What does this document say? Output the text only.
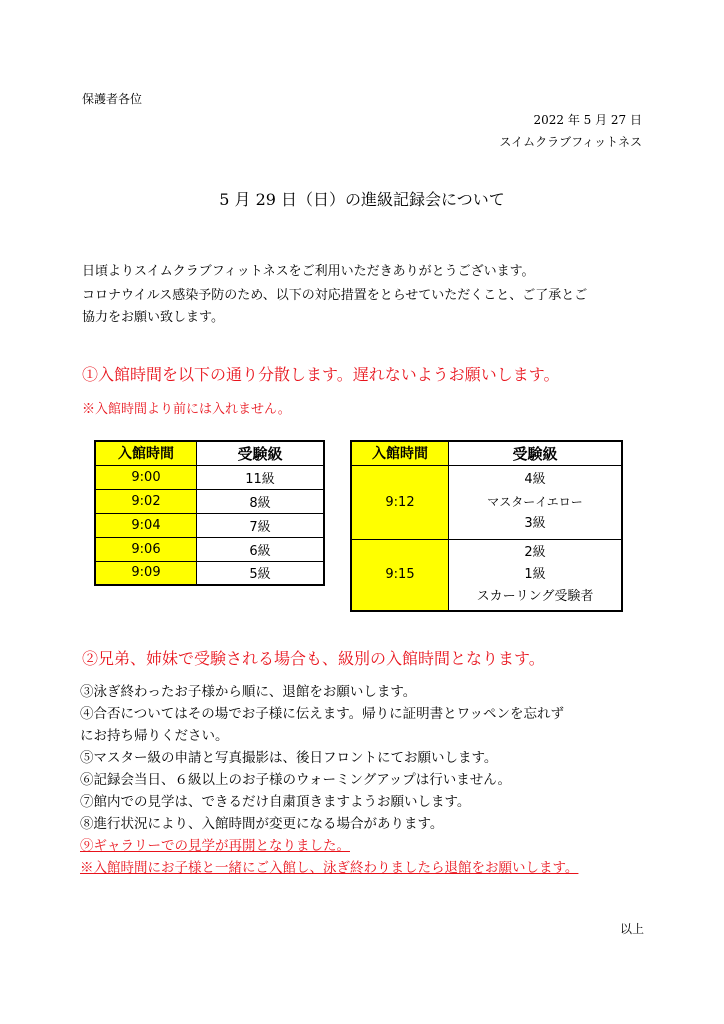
保護者各位
2022 年 5 月 27 日
スイムクラブフィットネス
5 月 29 日（日）の進級記録会について
日頃よりスイムクラブフィットネスをご利用いただきありがとうございます。
コロナウイルス感染予防のため、以下の対応措置をとらせていただくこと、ご了承とご
協力をお願い致します。
①入館時間を以下の通り分散します。遅れないようお願いします。
※入館時間より前には入れません。
入館時間	受験級
9:00	11級
9:02	8級
9:04	7級
9:06	6級
9:09	5級
入館時間	受験級
9:12	4級
マスターイエロー
3級

9:15	2級
1級
スカーリング受験者
②兄弟、姉妹で受験される場合も、級別の入館時間となります。
③泳ぎ終わったお子様から順に、退館をお願いします。
④合否についてはその場でお子様に伝えます。帰りに証明書とワッペンを忘れず
にお持ち帰りください。
⑤マスター級の申請と写真撮影は、後日フロントにてお願いします。
⑥記録会当日、６級以上のお子様のウォーミングアップは行いません。
⑦館内での見学は、できるだけ自粛頂きますようお願いします。
⑧進行状況により、入館時間が変更になる場合があります。
⑨ギャラリーでの見学が再開となりました。
※入館時間にお子様と一緒にご入館し、泳ぎ終わりましたら退館をお願いします。
以上
